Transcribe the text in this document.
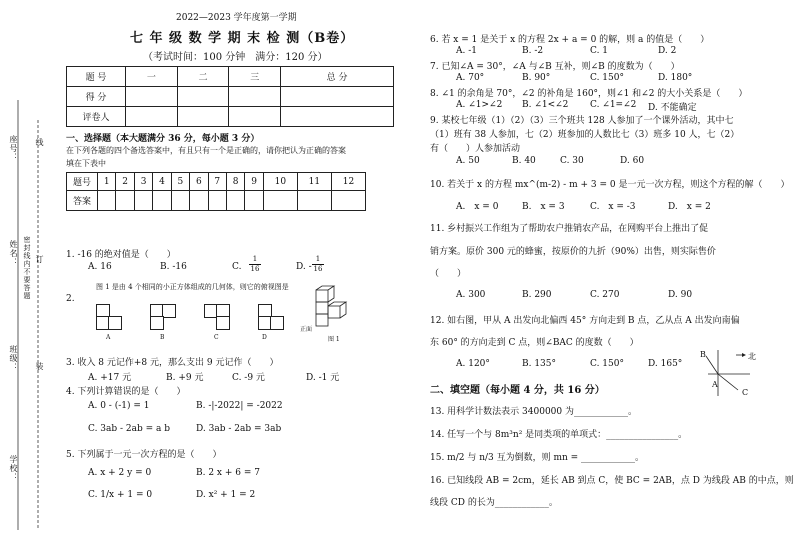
座号： 线
姓名： 密封线内不要答题 订
班级： 装
学校：
2022—2023 学年度第一学期
七 年 级 数 学 期 末 检 测（B卷）
（考试时间：100 分钟　满分：120 分）
题 号	一	二	三	总 分
得 分				
评卷人				
一、选择题（本大题满分 36 分，每小题 3 分）
在下列各题的四个备选答案中，有且只有一个是正确的，请你把认为正确的答案
填在下表中
题号	1	2	3	4	5	6	7	8	9	10	11	12
答案												
1. -16 的绝对值是（　　）
A. 16	B. -16	C.
1
16	D. -
1
16
图 1 是由 4 个相同的小正方体组成的几何体，则它的俯视图是
2.
A	B	C	D
正面
图 1
3. 收入 8 元记作+8 元，那么支出 9 元记作（　　）
A. +17 元	B. +9 元	C. -9 元	D. -1 元
4. 下列计算错误的是（　　）
A. 0 - (-1) = 1	B. -|-2022| = -2022
C. 3ab - 2ab = a b	D. 3ab - 2ab = 3ab
5. 下列属于一元一次方程的是（　　）
A. x + 2 y = 0	B. 2 x + 6 = 7
C. 1/x + 1 = 0	D. x² + 1 = 2
6. 若 x = 1 是关于 x 的方程 2x + a = 0 的解，则 a 的值是（　　）
A. -1	B. -2	C. 1	D. 2
7. 已知∠A = 30°，∠A 与∠B 互补，则∠B 的度数为（　　）
A. 70°	B. 90°	C. 150°	D. 180°
8. ∠1 的余角是 70°，∠2 的补角是 160°，则∠1 和∠2 的大小关系是（　　）
A. ∠1>∠2 B. ∠1<∠2 C. ∠1=∠2 D. 不能确定
9. 某校七年级（1）（2）（3）三个班共 128 人参加了一个课外活动，其中七
（1）班有 38 人参加，七（2）班参加的人数比七（3）班多 10 人，七（2）
有（　　）人参加活动
A. 50	B. 40	C. 30	D. 60
10. 若关于 x 的方程 mx^(m-2) - m + 3 = 0 是一元一次方程，则这个方程的解（　　）
A.　x = 0	B.　x = 3	C.　x = -3	D.　x = 2
11. 乡村振兴工作组为了帮助农户推销农产品，在网购平台上推出了促
销方案。原价 300 元的蜂蜜，按原价的九折（90%）出售，则实际售价
（　　）
A. 300	B. 290	C. 270	D. 90
12. 如右图，甲从 A 出发向北偏西 45° 方向走到 B 点，乙从点 A 出发向南偏
东 60° 的方向走到 C 点，则∠BAC 的度数（　　）
A. 120°	B. 135°	C. 150°	D. 165°
B	北
A
C
二、填空题（每小题 4 分，共 16 分）
13. 用科学计数法表示 3400000 为____________。
14. 任写一个与 8m³n² 是同类项的单项式：________________。
15. m/2 与 n/3 互为倒数，则 mn = ____________。
16. 已知线段 AB = 2cm，延长 AB 到点 C，使 BC = 2AB，点 D 为线段 AB 的中点，则
线段 CD 的长为____________。
